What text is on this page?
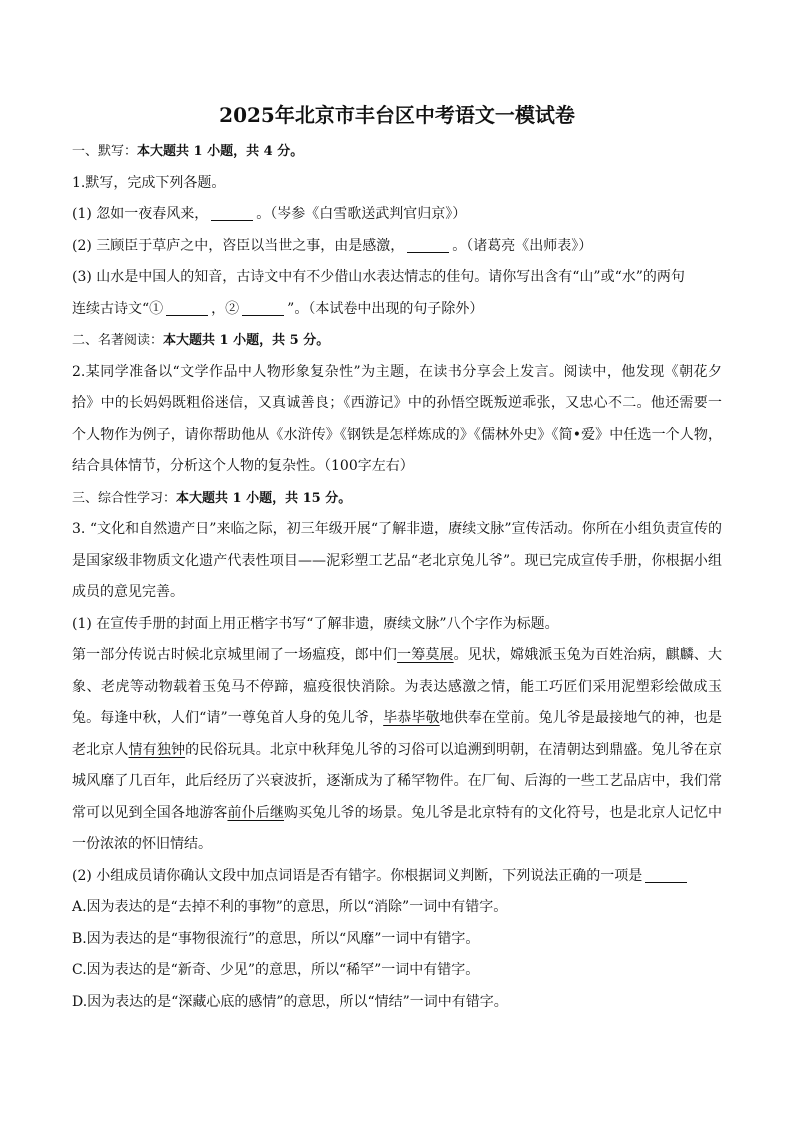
2025年北京市丰台区中考语文一模试卷
一、默写：本大题共 1 小题，共 4 分。
1.默写，完成下列各题。
(1) 忽如一夜春风来，	。（岑参《白雪歌送武判官归京》）
(2) 三顾臣于草庐之中，咨臣以当世之事，由是感激，	。（诸葛亮《出师表》）
(3) 山水是中国人的知音，古诗文中有不少借山水表达情志的佳句。请你写出含有“山”或“水”的两句
连续古诗文“①	，②	”。（本试卷中出现的句子除外）
二、名著阅读：本大题共 1 小题，共 5 分。
2.某同学准备以“文学作品中人物形象复杂性”为主题，在读书分享会上发言。阅读中，他发现《朝花夕拾》中的长妈妈既粗俗迷信，又真诚善良；《西游记》中的孙悟空既叛逆乖张，又忠心不二。他还需要一个人物作为例子，请你帮助他从《水浒传》《钢铁是怎样炼成的》《儒林外史》《简•爱》中任选一个人物，结合具体情节，分析这个人物的复杂性。（100字左右）
三、综合性学习：本大题共 1 小题，共 15 分。
3. “文化和自然遗产日”来临之际，初三年级开展“了解非遗，赓续文脉”宣传活动。你所在小组负责宣传的是国家级非物质文化遗产代表性项目——泥彩塑工艺品“老北京兔儿爷”。现已完成宣传手册，你根据小组成员的意见完善。
(1) 在宣传手册的封面上用正楷字书写“了解非遗，赓续文脉”八个字作为标题。
第一部分传说古时候北京城里闹了一场瘟疫，郎中们一筹莫展。见状，嫦娥派玉兔为百姓治病，麒麟、大象、老虎等动物载着玉兔马不停蹄，瘟疫很快消除。为表达感激之情，能工巧匠们采用泥塑彩绘做成玉兔。每逢中秋，人们“请”一尊兔首人身的兔儿爷，毕恭毕敬地供奉在堂前。兔儿爷是最接地气的神，也是老北京人情有独钟的民俗玩具。北京中秋拜兔儿爷的习俗可以追溯到明朝，在清朝达到鼎盛。兔儿爷在京城风靡了几百年，此后经历了兴衰波折，逐渐成为了稀罕物件。在厂甸、后海的一些工艺品店中，我们常常可以见到全国各地游客前仆后继购买兔儿爷的场景。兔儿爷是北京特有的文化符号，也是北京人记忆中一份浓浓的怀旧情结。
(2) 小组成员请你确认文段中加点词语是否有错字。你根据词义判断，下列说法正确的一项是
A.因为表达的是“去掉不利的事物”的意思，所以“消除”一词中有错字。
B.因为表达的是“事物很流行”的意思，所以“风靡”一词中有错字。
C.因为表达的是“新奇、少见”的意思，所以“稀罕”一词中有错字。
D.因为表达的是“深藏心底的感情”的意思，所以“情结”一词中有错字。
